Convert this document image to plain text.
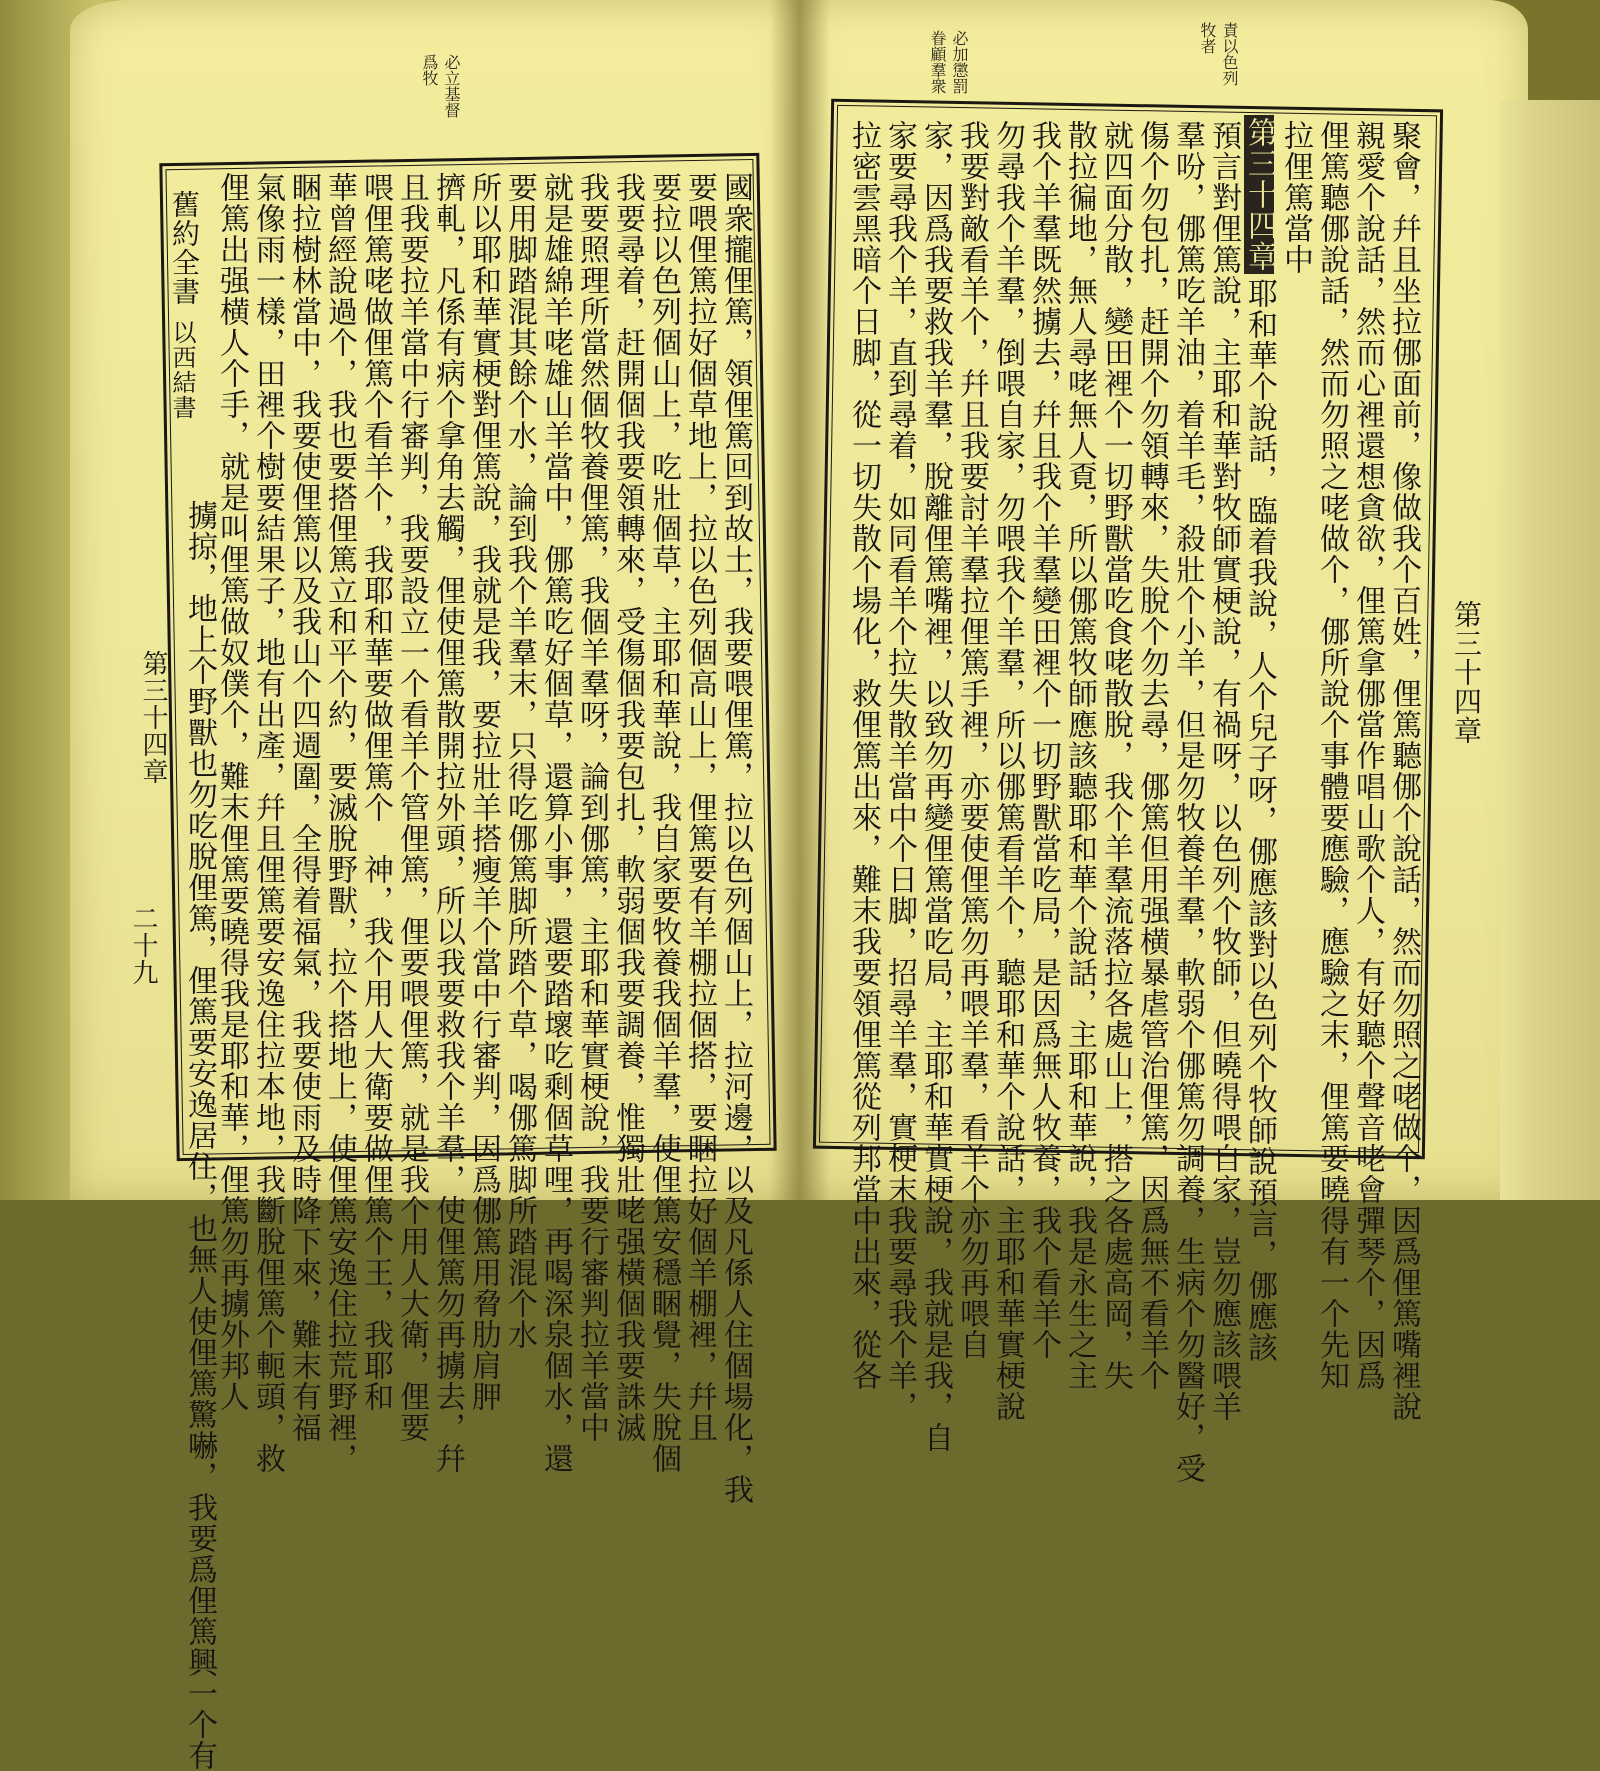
必立基督
爲牧	責以色列
牧者
必加懲罰
眷顧羣衆
舊約全書
以西結書
第三十四章
二十九	國衆攏俚篤，領俚篤回到故土，我要喂俚篤，拉以色列個山上，拉河邊，以及凡係人住個場化，我
要喂俚篤拉好個草地上，拉以色列個高山上，俚篤要有羊棚拉個搭，要睏拉好個羊棚裡，幷且
要拉以色列個山上，吃壯個草，主耶和華說，我自家要牧養我個羊羣，使俚篤安穩睏覺，失脫個
我要尋着，赶開個我要領轉來，受傷個我要包扎，軟弱個我要調養，惟獨壯咾强橫個我要誅滅
我要照理所當然個牧養俚篤，我個羊羣呀，論到㑚篤，主耶和華實梗說，我要行審判拉羊當中
就是雄綿羊咾雄山羊當中，㑚篤吃好個草，還算小事，還要踏壞吃剩個草哩，再喝深泉個水，還
要用脚踏混其餘个水，論到我个羊羣末，只得吃㑚篤脚所踏个草，喝㑚篤脚所踏混个水
所以耶和華實梗對俚篤說，我就是我，要拉壯羊搭瘦羊个當中行審判，因爲㑚篤用脅肋肩胛
擠軋，凡係有病个拿角去觸，俚使俚篤散開拉外頭，所以我要救我个羊羣，使俚篤勿再擄去，幷
且我要拉羊當中行審判，我要設立一个看羊个管俚篤，俚要喂俚篤，就是我个用人大衛，俚要
喂俚篤咾做俚篤个看羊个，我耶和華要做俚篤个　神，我个用人大衛要做俚篤个王，我耶和
華曾經說過个，我也要搭俚篤立和平个約，要滅脫野獸，拉个搭地上，使俚篤安逸住拉荒野裡，
睏拉樹林當中，我要使俚篤以及我山个四週圍，全得着福氣，我要使雨及時降下來，難末有福
氣像雨一樣，田裡个樹要結果子，地有出產，幷且俚篤要安逸住拉本地，我斷脫俚篤个軛頭，救
俚篤出强横人个手，就是叫俚篤做奴僕个，難末俚篤要曉得我是耶和華，俚篤勿再擄外邦人
擄掠，地上个野獸也勿吃脫俚篤，俚篤要安逸居住，也無人使俚篤驚嚇，我要爲俚篤興一个有	聚會，幷且坐拉㑚面前，像做我个百姓，俚篤聽㑚个說話，然而勿照之咾做个，因爲俚篤嘴裡說
親愛个說話，然而心裡還想貪欲，俚篤拿㑚當作唱山歌个人，有好聽个聲音咾會彈琴个，因爲
俚篤聽㑚說話，然而勿照之咾做个，㑚所說个事體要應驗，應驗之末，俚篤要曉得有一个先知
拉俚篤當中
第三十四章耶和華个說話，臨着我說，人个兒子呀，㑚應該對以色列个牧師說預言，㑚應該
預言對俚篤說，主耶和華對牧師實梗說，有禍呀，以色列个牧師，但曉得喂自家，豈勿應該喂羊
羣吩，㑚篤吃羊油，着羊毛，殺壯个小羊，但是勿牧養羊羣，軟弱个㑚篤勿調養，生病个勿醫好，受
傷个勿包扎，赶開个勿領轉來，失脫个勿去尋，㑚篤但用强横暴虐管治俚篤，因爲無不看羊个
就四面分散，變田裡个一切野獸當吃食咾散脫，我个羊羣流落拉各處山上，搭之各處高岡，失
散拉徧地，無人尋咾無人覔，所以㑚篤牧師應該聽耶和華个說話，主耶和華說，我是永生之主
我个羊羣既然擄去，幷且我个羊羣變田裡个一切野獸當吃局，是因爲無人牧養，我个看羊个
勿尋我个羊羣，倒喂自家，勿喂我个羊羣，所以㑚篤看羊个，聽耶和華个說話，主耶和華實梗說
我要對敵看羊个，幷且我要討羊羣拉俚篤手裡，亦要使俚篤勿再喂羊羣，看羊个亦勿再喂自
家，因爲我要救我羊羣，脫離俚篤嘴裡，以致勿再變俚篤當吃局，主耶和華實梗說，我就是我，自
家要尋我个羊，直到尋着，如同看羊个拉失散羊當中个日脚，招尋羊羣，實梗末我要尋我个羊，
拉密雲黑暗个日脚，從一切失散个場化，救俚篤出來，難末我要領俚篤從列邦當中出來，從各	第三十四章
